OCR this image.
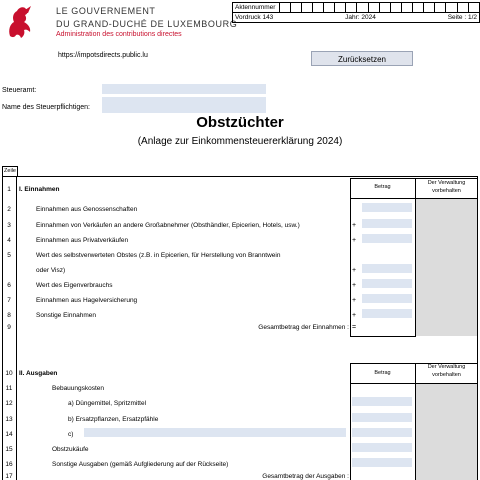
LE GOUVERNEMENT
DU GRAND-DUCHÉ DE LUXEMBOURG
Administration des contributions directes
Aktennummer																		

Vordruck 143	Jahr: 2024	Seite : 1/2
https://impotsdirects.public.lu	Zurücksetzen
Steueramt:
Name des Steuerpflichtigen:
Obstzüchter
(Anlage zur Einkommensteuererklärung 2024)
Zeile
Betrag
Der Verwaltung
vorbehalten
Betrag
Der Verwaltung
vorbehalten
1	I. Einnahmen
2	Einnahmen aus Genossenschaften
3	Einnahmen von Verkäufen an andere Großabnehmer (Obsthändler, Epicerien, Hotels, usw.)	+
4	Einnahmen aus Privatverkäufen	+
5	Wert des selbstverwerteten Obstes (z.B. in Epicerien, für Herstellung von Branntwein
oder Visz)	+
6	Wert des Eigenverbrauchs	+
7	Einnahmen aus Hagelversicherung	+
8	Sonstige Einnahmen	+
9	Gesamtbetrag der Einnahmen : =
10 II. Ausgaben
11	Bebauungskosten
12	a) Düngemittel, Spritzmittel
13	b) Ersatzpflanzen, Ersatzpfähle
14	c)
15	Obstzukäufe
16	Sonstige Ausgaben (gemäß Aufgliederung auf der Rückseite)
17	Gesamtbetrag der Ausgaben :
